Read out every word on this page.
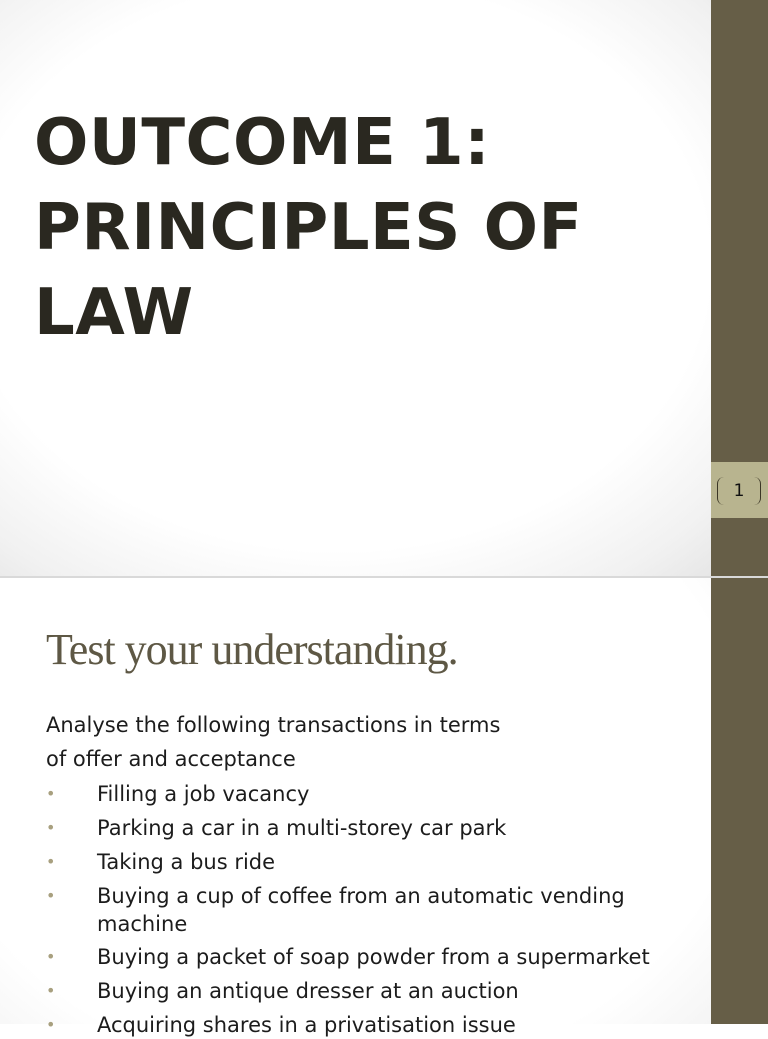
OUTCOME 1:
PRINCIPLES OF
LAW
1
Test your understanding.
Analyse the following transactions in terms
of offer and acceptance
• Filling a job vacancy
• Parking a car in a multi-storey car park
• Taking a bus ride
• Buying a cup of coffee from an automatic vending machine
• Buying a packet of soap powder from a supermarket
• Buying an antique dresser at an auction
• Acquiring shares in a privatisation issue
